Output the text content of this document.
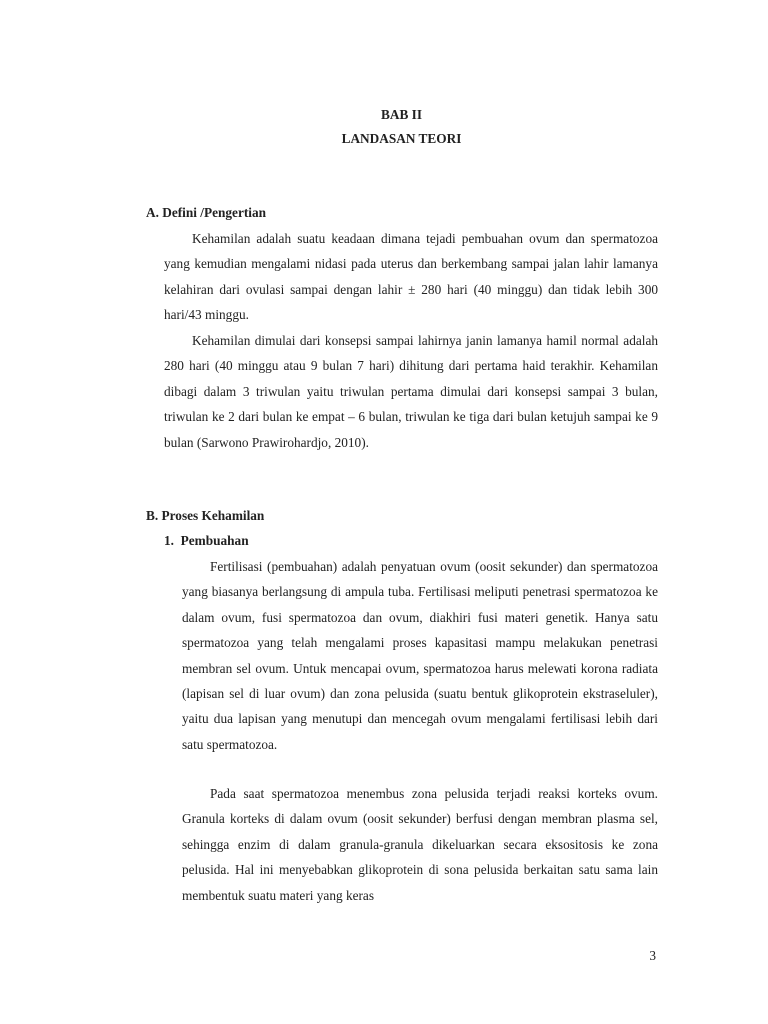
BAB II
LANDASAN TEORI
A. Defini /Pengertian

Kehamilan adalah suatu keadaan dimana tejadi pembuahan ovum dan spermatozoa yang kemudian mengalami nidasi pada uterus dan berkembang sampai jalan lahir lamanya kelahiran dari ovulasi sampai dengan lahir ± 280 hari (40 minggu) dan tidak lebih 300 hari/43 minggu.

Kehamilan dimulai dari konsepsi sampai lahirnya janin lamanya hamil normal adalah 280 hari (40 minggu atau 9 bulan 7 hari) dihitung dari pertama haid terakhir. Kehamilan dibagi dalam 3 triwulan yaitu triwulan pertama dimulai dari konsepsi sampai 3 bulan, triwulan ke 2 dari bulan ke empat – 6 bulan, triwulan ke tiga dari bulan ketujuh sampai ke 9 bulan (Sarwono Prawirohardjo, 2010).

B. Proses Kehamilan
1.  Pembuahan

Fertilisasi (pembuahan) adalah penyatuan ovum (oosit sekunder) dan spermatozoa yang biasanya berlangsung di ampula tuba. Fertilisasi meliputi penetrasi spermatozoa ke dalam ovum, fusi spermatozoa dan ovum, diakhiri fusi materi genetik. Hanya satu spermatozoa yang telah mengalami proses kapasitasi mampu melakukan penetrasi membran sel ovum. Untuk mencapai ovum, spermatozoa harus melewati korona radiata (lapisan sel di luar ovum) dan zona pelusida (suatu bentuk glikoprotein ekstraseluler), yaitu dua lapisan yang menutupi dan mencegah ovum mengalami fertilisasi lebih dari satu spermatozoa.

Pada saat spermatozoa menembus zona pelusida terjadi reaksi korteks ovum. Granula korteks di dalam ovum (oosit sekunder) berfusi dengan membran plasma sel, sehingga enzim di dalam granula-granula dikeluarkan secara eksositosis ke zona pelusida. Hal ini menyebabkan glikoprotein di sona pelusida berkaitan satu sama lain membentuk suatu materi yang keras

3
